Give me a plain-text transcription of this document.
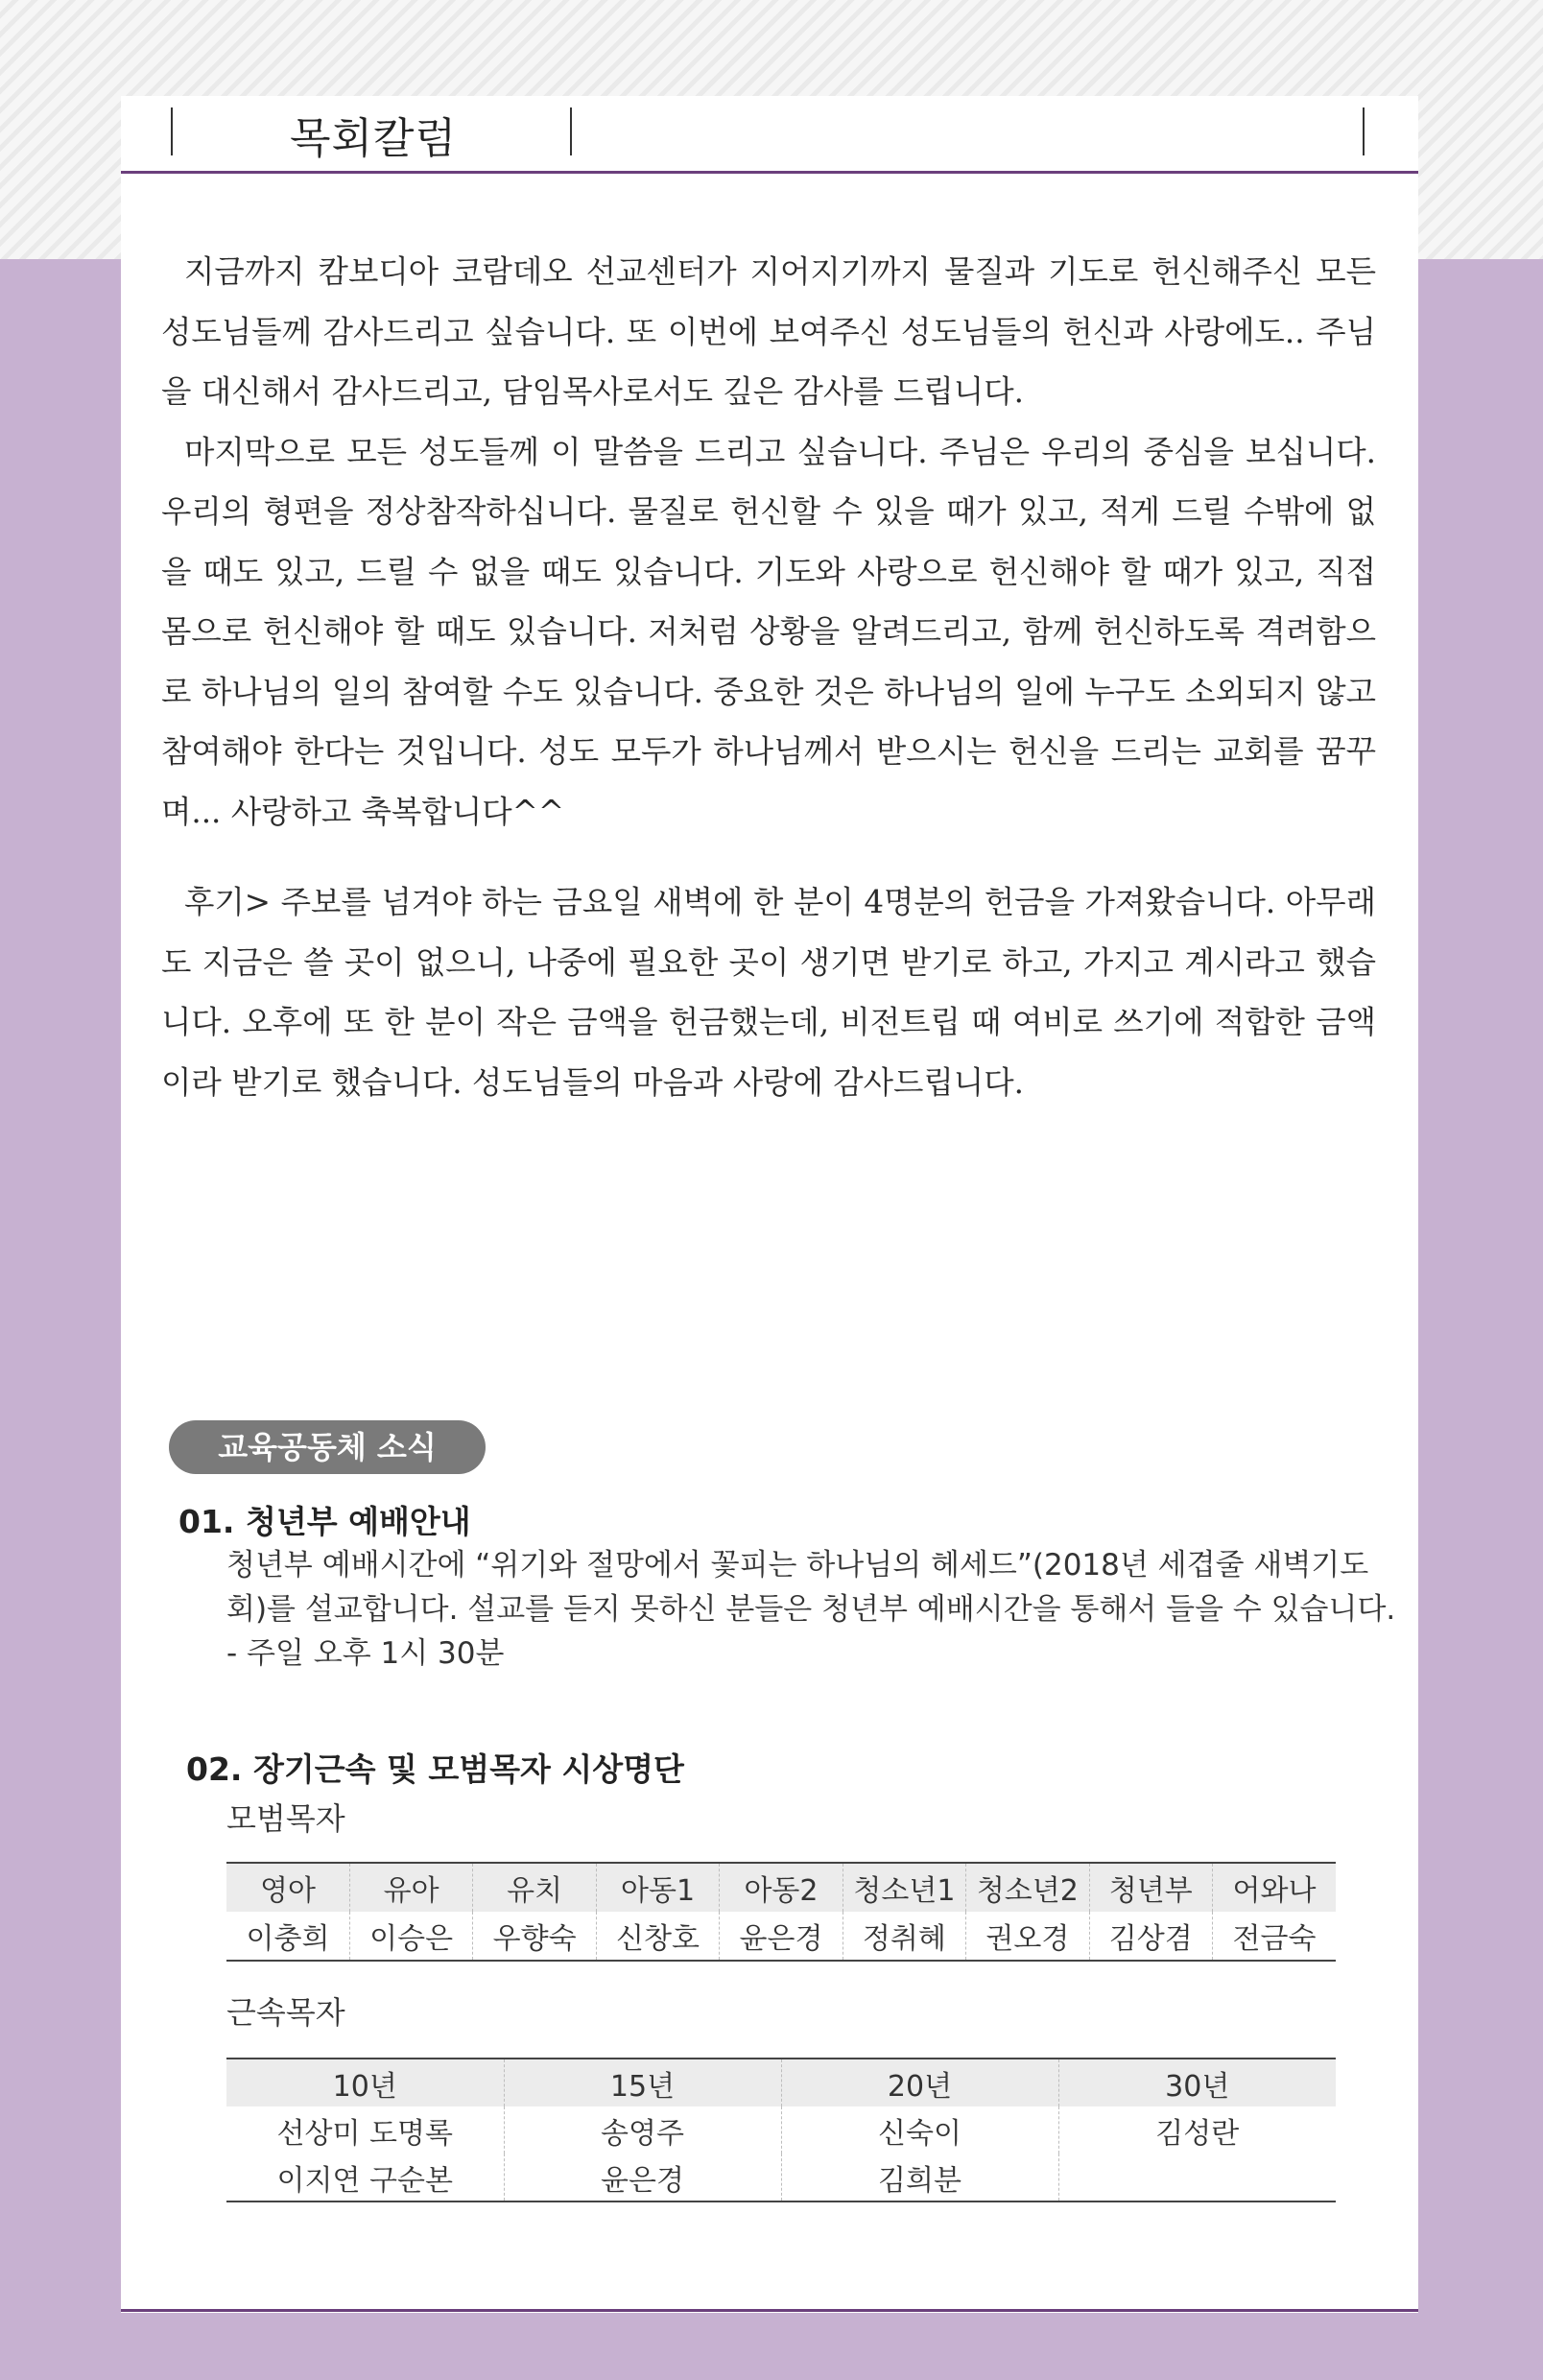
목회칼럼

지금까지 캄보디아 코람데오 선교센터가 지어지기까지 물질과 기도로 헌신해주신 모든 성도님들께 감사드리고 싶습니다. 또 이번에 보여주신 성도님들의 헌신과 사랑에도.. 주님을 대신해서 감사드리고, 담임목사로서도 깊은 감사를 드립니다.

마지막으로 모든 성도들께 이 말씀을 드리고 싶습니다. 주님은 우리의 중심을 보십니다. 우리의 형편을 정상참작하십니다. 물질로 헌신할 수 있을 때가 있고, 적게 드릴 수밖에 없을 때도 있고, 드릴 수 없을 때도 있습니다. 기도와 사랑으로 헌신해야 할 때가 있고, 직접 몸으로 헌신해야 할 때도 있습니다. 저처럼 상황을 알려드리고, 함께 헌신하도록 격려함으로 하나님의 일의 참여할 수도 있습니다. 중요한 것은 하나님의 일에 누구도 소외되지 않고 참여해야 한다는 것입니다. 성도 모두가 하나님께서 받으시는 헌신을 드리는 교회를 꿈꾸며... 사랑하고 축복합니다^^

후기> 주보를 넘겨야 하는 금요일 새벽에 한 분이 4명분의 헌금을 가져왔습니다. 아무래도 지금은 쓸 곳이 없으니, 나중에 필요한 곳이 생기면 받기로 하고, 가지고 계시라고 했습니다. 오후에 또 한 분이 작은 금액을 헌금했는데, 비전트립 때 여비로 쓰기에 적합한 금액이라 받기로 했습니다. 성도님들의 마음과 사랑에 감사드립니다.

교육공동체 소식
01. 청년부 예배안내
청년부 예배시간에 “위기와 절망에서 꽃피는 하나님의 헤세드”(2018년 세겹줄 새벽기도회)를 설교합니다. 설교를 듣지 못하신 분들은 청년부 예배시간을 통해서 들을 수 있습니다. - 주일 오후 1시 30분
02. 장기근속 및 모범목자 시상명단
모범목자
영아	유아	유치	아동1	아동2	청소년1	청소년2	청년부	어와나
이충희	이승은	우향숙	신창호	윤은경	정취혜	권오경	김상겸	전금숙
근속목자
10년	15년	20년	30년
선상미 도명록	송영주	신숙이	김성란
이지연 구순본	윤은경	김희분	
